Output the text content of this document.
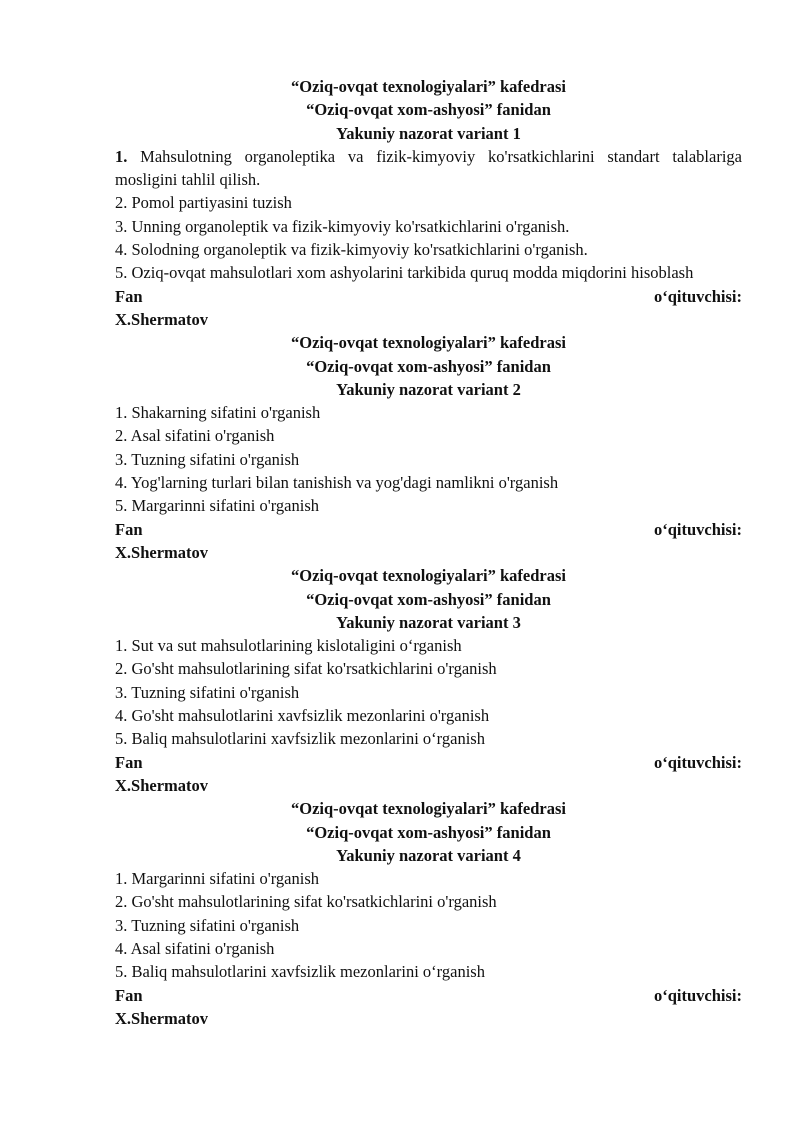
“Oziq-ovqat texnologiyalari” kafedrasi
“Oziq-ovqat xom-ashyosi” fanidan
Yakuniy nazorat variant 1

1. Mahsulotning organoleptika va fizik-kimyoviy ko'rsatkichlarini standart talablariga mosligini tahlil qilish.

2. Pomol partiyasini tuzish

3. Unning organoleptik va fizik-kimyoviy ko'rsatkichlarini o'rganish.

4. Solodning organoleptik va fizik-kimyoviy ko'rsatkichlarini o'rganish.

5. Oziq-ovqat mahsulotlari xom ashyolarini tarkibida quruq modda miqdorini hisoblash

Fan	o‘qituvchisi:
X.Shermatov
“Oziq-ovqat texnologiyalari” kafedrasi
“Oziq-ovqat xom-ashyosi” fanidan
Yakuniy nazorat variant 2

1. Shakarning sifatini o'rganish

2. Asal sifatini o'rganish

3. Tuzning sifatini o'rganish

4. Yog'larning turlari bilan tanishish va yog'dagi namlikni o'rganish

5. Margarinni sifatini o'rganish

Fan	o‘qituvchisi:
X.Shermatov
“Oziq-ovqat texnologiyalari” kafedrasi
“Oziq-ovqat xom-ashyosi” fanidan
Yakuniy nazorat variant 3

1. Sut va sut mahsulotlarining kislotaligini o‘rganish

2. Go'sht mahsulotlarining sifat ko'rsatkichlarini o'rganish

3. Tuzning sifatini o'rganish

4. Go'sht mahsulotlarini xavfsizlik mezonlarini o'rganish

5. Baliq mahsulotlarini xavfsizlik mezonlarini o‘rganish

Fan	o‘qituvchisi:
X.Shermatov
“Oziq-ovqat texnologiyalari” kafedrasi
“Oziq-ovqat xom-ashyosi” fanidan
Yakuniy nazorat variant 4

1. Margarinni sifatini o'rganish

2. Go'sht mahsulotlarining sifat ko'rsatkichlarini o'rganish

3. Tuzning sifatini o'rganish

4. Asal sifatini o'rganish

5. Baliq mahsulotlarini xavfsizlik mezonlarini o‘rganish

Fan	o‘qituvchisi:
X.Shermatov
